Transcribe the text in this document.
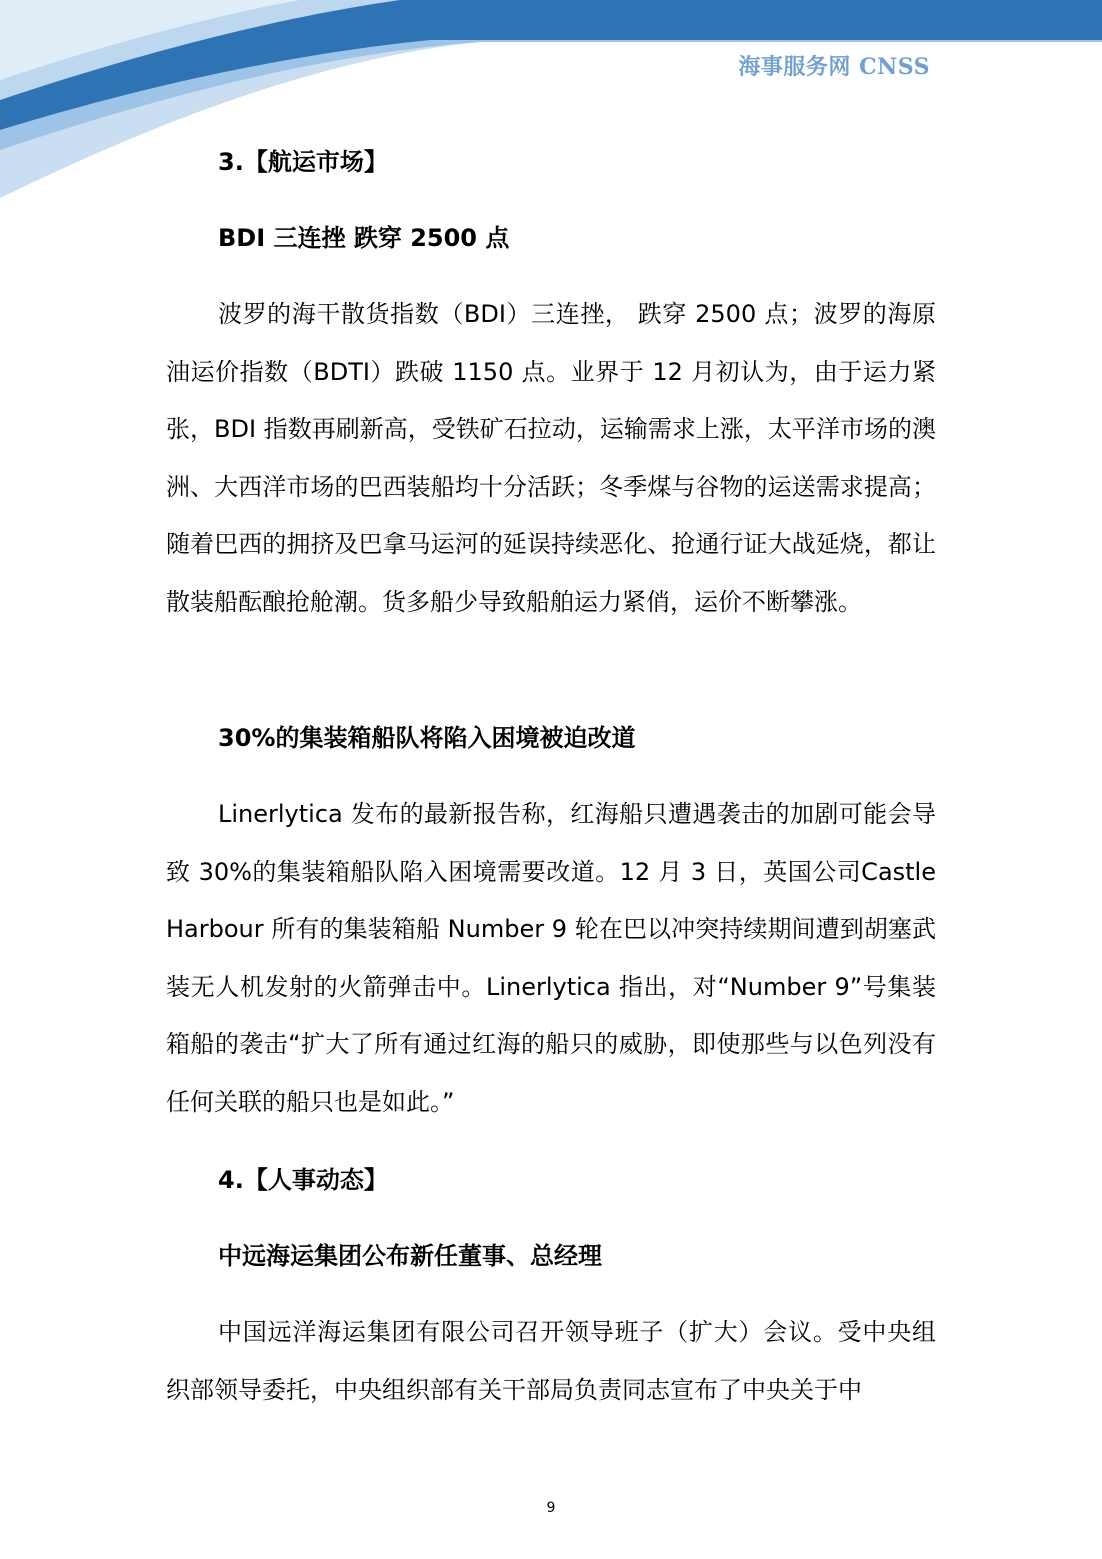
海事服务网 CNSS
3.【航运市场】
BDI 三连挫 跌穿 2500 点
波罗的海干散货指数（BDI）三连挫， 跌穿 2500 点；波罗的海原油运价指数（BDTI）跌破 1150 点。业界于 12 月初认为，由于运力紧张，BDI 指数再刷新高，受铁矿石拉动，运输需求上涨，太平洋市场的澳洲、大西洋市场的巴西装船均十分活跃；冬季煤与谷物的运送需求提高；随着巴西的拥挤及巴拿马运河的延误持续恶化、抢通行证大战延烧，都让散装船酝酿抢舱潮。货多船少导致船舶运力紧俏，运价不断攀涨。
30%的集装箱船队将陷入困境被迫改道
Linerlytica 发布的最新报告称，红海船只遭遇袭击的加剧可能会导致 30%的集装箱船队陷入困境需要改道。12 月 3 日，英国公司Castle Harbour 所有的集装箱船 Number 9 轮在巴以冲突持续期间遭到胡塞武装无人机发射的火箭弹击中。Linerlytica 指出，对“Number 9”号集装箱船的袭击“扩大了所有通过红海的船只的威胁，即使那些与以色列没有任何关联的船只也是如此。”
4.【人事动态】
中远海运集团公布新任董事、总经理
中国远洋海运集团有限公司召开领导班子（扩大）会议。受中央组织部领导委托，中央组织部有关干部局负责同志宣布了中央关于中
9
